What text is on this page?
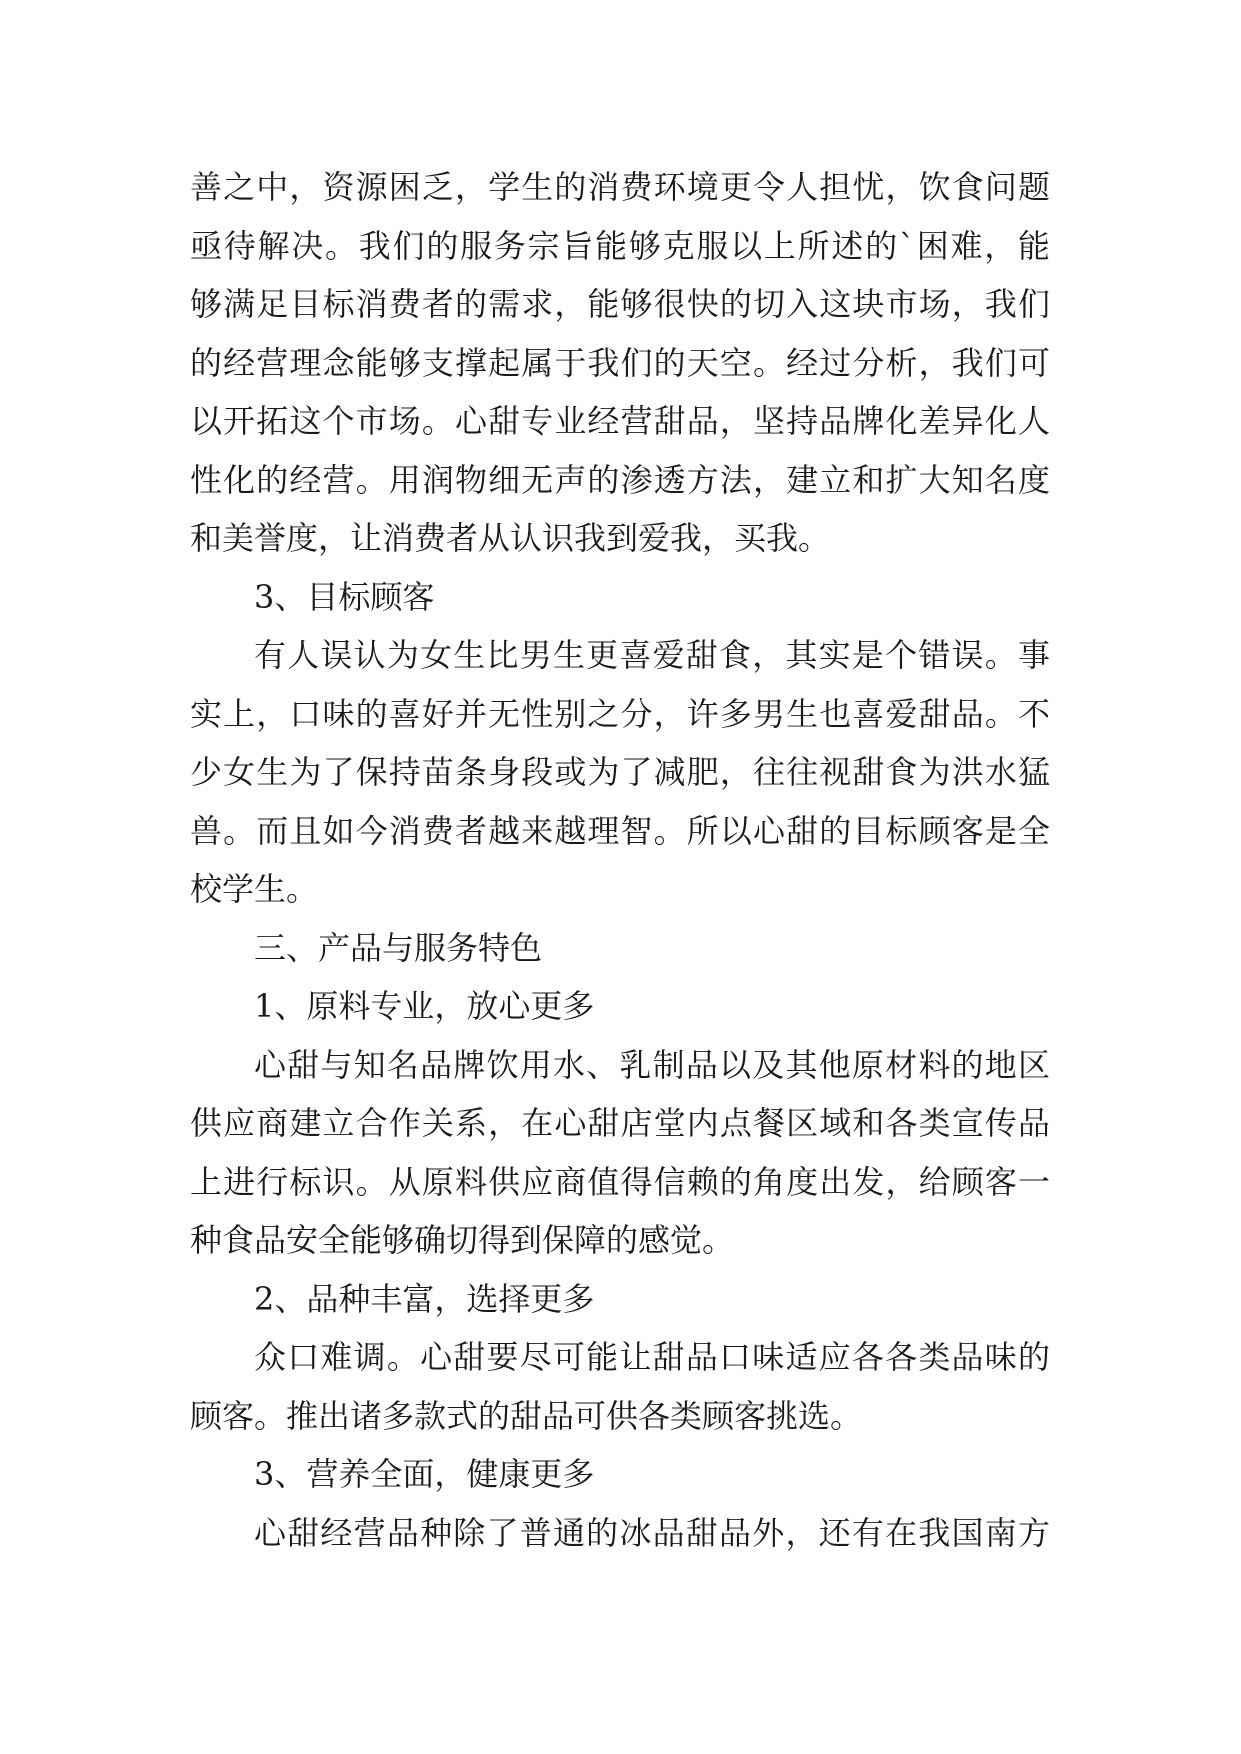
善之中，资源困乏，学生的消费环境更令人担忧，饮食问题

亟待解决。我们的服务宗旨能够克服以上所述的`困难，能

够满足目标消费者的需求，能够很快的切入这块市场，我们

的经营理念能够支撑起属于我们的天空。经过分析，我们可

以开拓这个市场。心甜专业经营甜品，坚持品牌化差异化人

性化的经营。用润物细无声的渗透方法，建立和扩大知名度

和美誉度，让消费者从认识我到爱我，买我。

3、目标顾客

有人误认为女生比男生更喜爱甜食，其实是个错误。事

实上，口味的喜好并无性别之分，许多男生也喜爱甜品。不

少女生为了保持苗条身段或为了减肥，往往视甜食为洪水猛

兽。而且如今消费者越来越理智。所以心甜的目标顾客是全

校学生。

三、产品与服务特色

1、原料专业，放心更多

心甜与知名品牌饮用水、乳制品以及其他原材料的地区

供应商建立合作关系，在心甜店堂内点餐区域和各类宣传品

上进行标识。从原料供应商值得信赖的角度出发，给顾客一

种食品安全能够确切得到保障的感觉。

2、品种丰富，选择更多

众口难调。心甜要尽可能让甜品口味适应各各类品味的

顾客。推出诸多款式的甜品可供各类顾客挑选。

3、营养全面，健康更多

心甜经营品种除了普通的冰品甜品外，还有在我国南方
